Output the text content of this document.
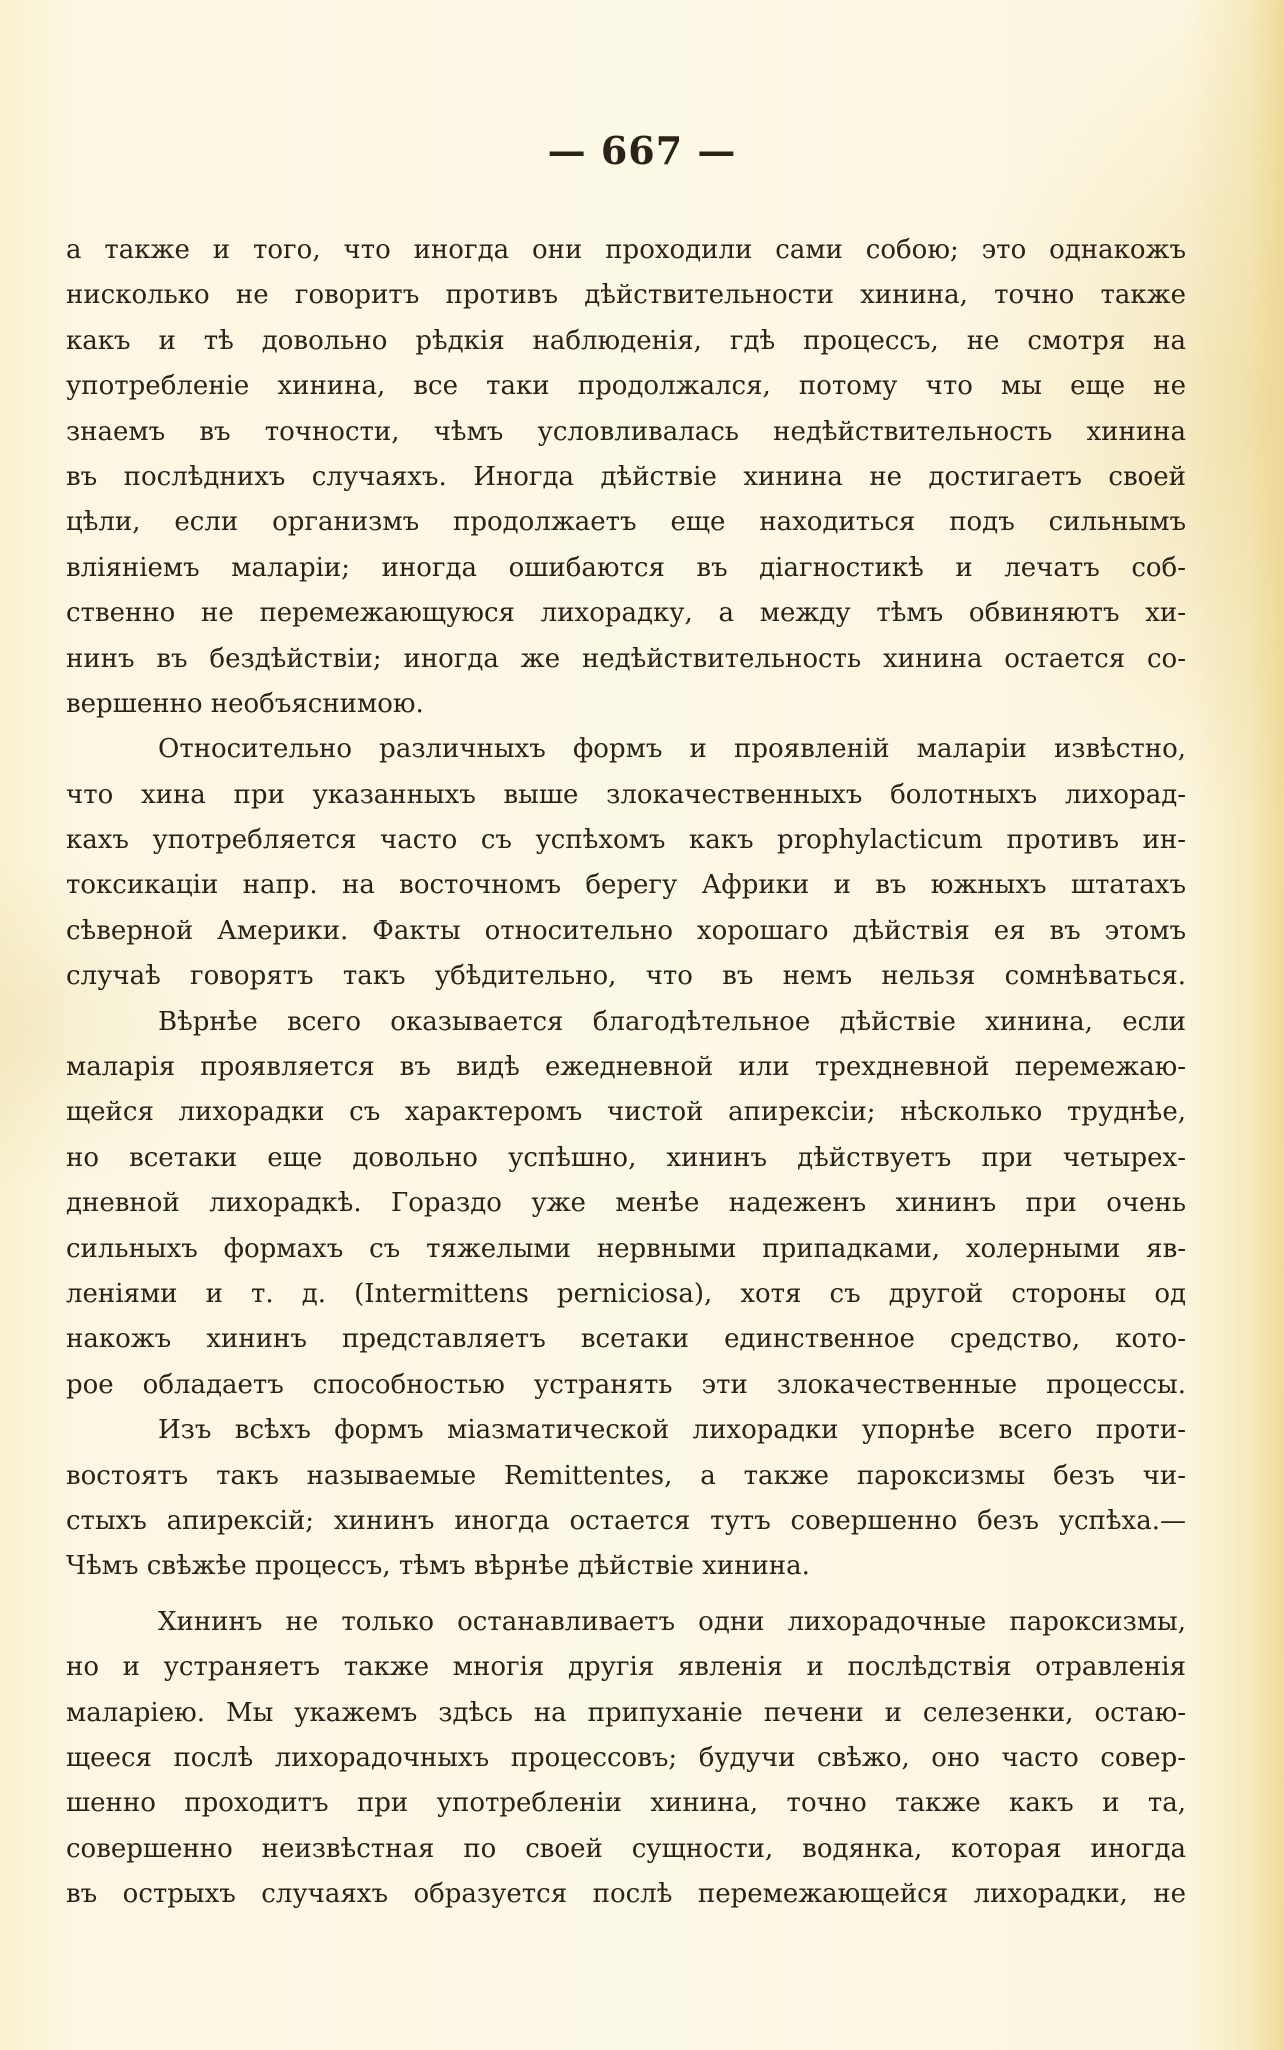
— 667 —
а также и того, что иногда они проходили сами собою; это однакожъ
нисколько не говоритъ противъ дѣйствительности хинина, точно также
какъ и тѣ довольно рѣдкія наблюденія, гдѣ процессъ, не смотря на
употребленіе хинина, все таки продолжался, потому что мы еще не
знаемъ въ точности, чѣмъ условливалась недѣйствительность хинина
въ послѣднихъ случаяхъ. Иногда дѣйствіе хинина не достигаетъ своей
цѣли, если организмъ продолжаетъ еще находиться подъ сильнымъ
вліяніемъ маларіи; иногда ошибаются въ діагностикѣ и лечатъ соб-
ственно не перемежающуюся лихорадку, а между тѣмъ обвиняютъ хи-
нинъ въ бездѣйствіи; иногда же недѣйствительность хинина остается со-
вершенно необъяснимою.
Относительно различныхъ формъ и проявленій маларіи извѣстно,
что хина при указанныхъ выше злокачественныхъ болотныхъ лихорад-
кахъ употребляется часто съ успѣхомъ какъ prophylacticum противъ ин-
токсикаціи напр. на восточномъ берегу Африки и въ южныхъ штатахъ
сѣверной Америки. Факты относительно хорошаго дѣйствія ея въ этомъ
случаѣ говорятъ такъ убѣдительно, что въ немъ нельзя сомнѣваться.
Вѣрнѣе всего оказывается благодѣтельное дѣйствіе хинина, если
маларія проявляется въ видѣ ежедневной или трехдневной перемежаю-
щейся лихорадки съ характеромъ чистой апирексіи; нѣсколько труднѣе,
но всетаки еще довольно успѣшно, хининъ дѣйствуетъ при четырех-
дневной лихорадкѣ. Гораздо уже менѣе надеженъ хининъ при очень
сильныхъ формахъ съ тяжелыми нервными припадками, холерными яв-
леніями и т. д. (Intermittens perniciosa), хотя съ другой стороны од
накожъ хининъ представляетъ всетаки единственное средство, кото-
рое обладаетъ способностью устранять эти злокачественные процессы.
Изъ всѣхъ формъ міазматической лихорадки упорнѣе всего проти-
востоятъ такъ называемые Remittentes, а также пароксизмы безъ чи-
стыхъ апирексій; хининъ иногда остается тутъ совершенно безъ успѣха.—
Чѣмъ свѣжѣе процессъ, тѣмъ вѣрнѣе дѣйствіе хинина.
Хининъ не только останавливаетъ одни лихорадочные пароксизмы,
но и устраняетъ также многія другія явленія и послѣдствія отравленія
маларіею. Мы укажемъ здѣсь на припуханіе печени и селезенки, остаю-
щееся послѣ лихорадочныхъ процессовъ; будучи свѣжо, оно часто совер-
шенно проходитъ при употребленіи хинина, точно также какъ и та,
совершенно неизвѣстная по своей сущности, водянка, которая иногда
въ острыхъ случаяхъ образуется послѣ перемежающейся лихорадки, не
